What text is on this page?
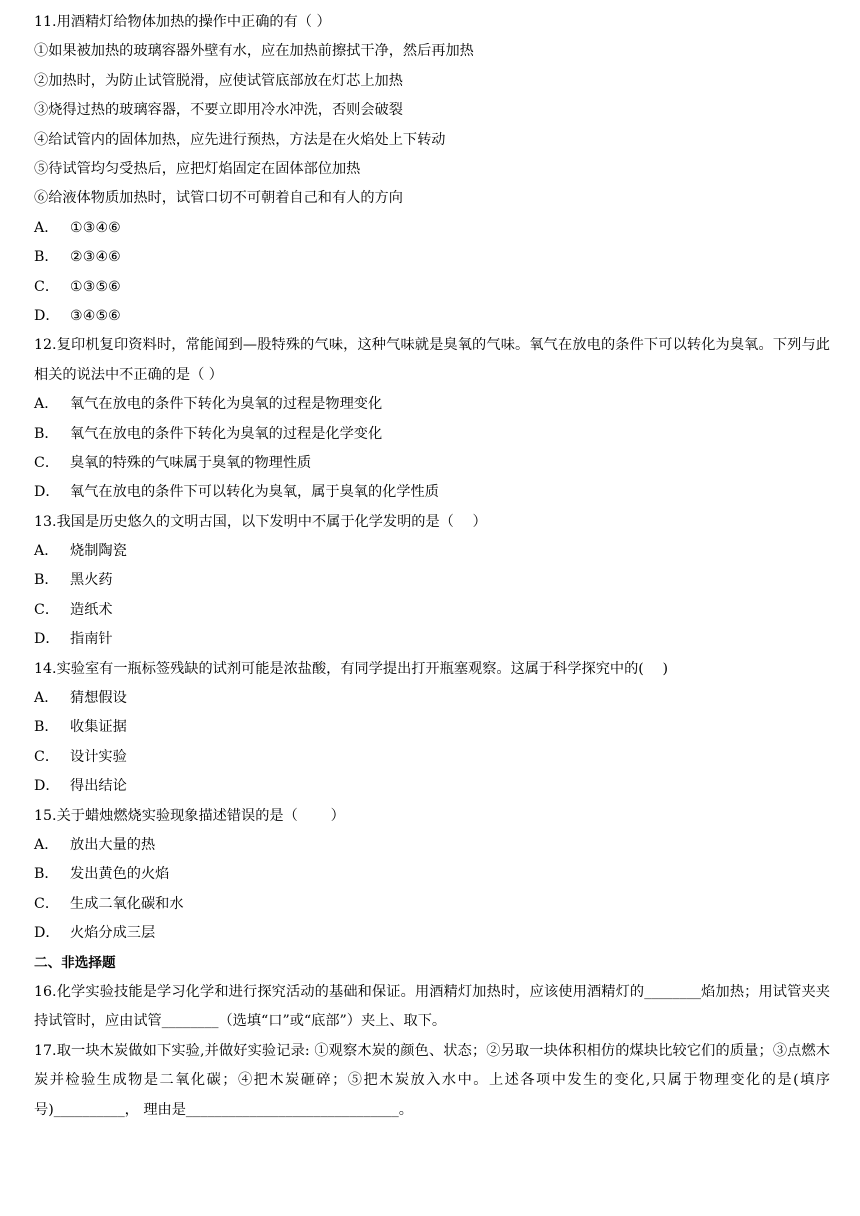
11.用酒精灯给物体加热的操作中正确的有（ ）
①如果被加热的玻璃容器外壁有水，应在加热前擦拭干净，然后再加热
②加热时，为防止试管脱滑，应使试管底部放在灯芯上加热
③烧得过热的玻璃容器，不要立即用冷水冲洗，否则会破裂
④给试管内的固体加热，应先进行预热，方法是在火焰处上下转动
⑤待试管均匀受热后，应把灯焰固定在固体部位加热
⑥给液体物质加热时，试管口切不可朝着自己和有人的方向
A． ①③④⑥
B． ②③④⑥
C． ①③⑤⑥
D． ③④⑤⑥
12.复印机复印资料时，常能闻到—股特殊的气味，这种气味就是臭氧的气味。氧气在放电的条件下可以转化为臭氧。下列与此相关的说法中不正确的是（ ）
A． 氧气在放电的条件下转化为臭氧的过程是物理变化
B． 氧气在放电的条件下转化为臭氧的过程是化学变化
C． 臭氧的特殊的气味属于臭氧的物理性质
D． 氧气在放电的条件下可以转化为臭氧，属于臭氧的化学性质
13.我国是历史悠久的文明古国，以下发明中不属于化学发明的是（　 ）
A． 烧制陶瓷
B． 黑火药
C． 造纸术
D． 指南针
14.实验室有一瓶标签残缺的试剂可能是浓盐酸，有同学提出打开瓶塞观察。这属于科学探究中的(　 )
A． 猜想假设
B． 收集证据
C． 设计实验
D． 得出结论
15.关于蜡烛燃烧实验现象描述错误的是（　　 ）
A． 放出大量的热
B． 发出黄色的火焰
C． 生成二氧化碳和水
D． 火焰分成三层
二、非选择题
16.化学实验技能是学习化学和进行探究活动的基础和保证。用酒精灯加热时，应该使用酒精灯的________焰加热；用试管夹夹持试管时，应由试管________（选填“口”或“底部”）夹上、取下。
17.取一块木炭做如下实验,并做好实验记录: ①观察木炭的颜色、状态；②另取一块体积相仿的煤块比较它们的质量；③点燃木炭并检验生成物是二氧化碳；④把木炭砸碎；⑤把木炭放入水中。上述各项中发生的变化,只属于物理变化的是(填序号)__________， 理由是______________________________。
